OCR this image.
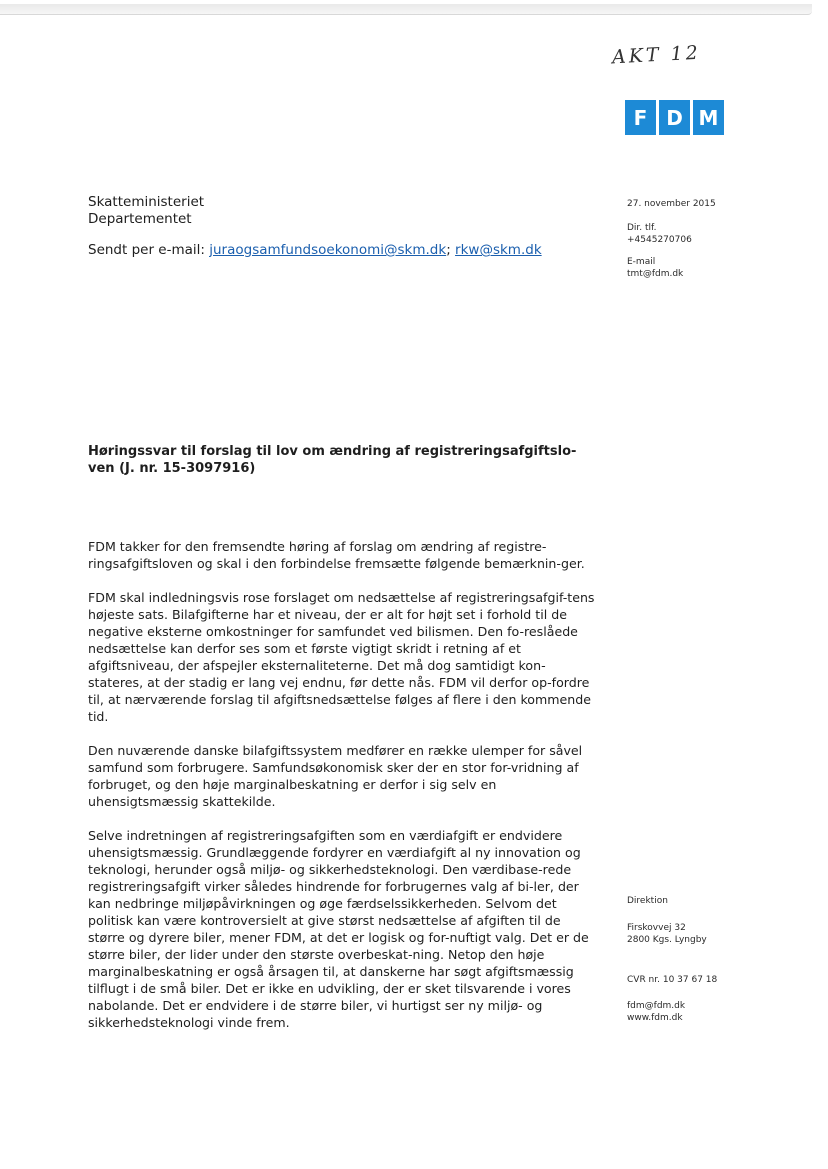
AKT 12
F D M
Skatteministeriet
Departementet
Sendt per e-mail: juraogsamfundsoekonomi@skm.dk; rkw@skm.dk
27. november 2015
Dir. tlf.
+4545270706
E-mail
tmt@fdm.dk
Høringssvar til forslag til lov om ændring af registreringsafgiftslo-ven (J. nr. 15-3097916)

FDM takker for den fremsendte høring af forslag om ændring af registre-ringsafgiftsloven og skal i den forbindelse fremsætte følgende bemærknin-ger.

FDM skal indledningsvis rose forslaget om nedsættelse af registreringsafgif-tens højeste sats. Bilafgifterne har et niveau, der er alt for højt set i forhold til de negative eksterne omkostninger for samfundet ved bilismen. Den fo-reslåede nedsættelse kan derfor ses som et første vigtigt skridt i retning af et afgiftsniveau, der afspejler eksternaliteterne. Det må dog samtidigt kon-stateres, at der stadig er lang vej endnu, før dette nås. FDM vil derfor op-fordre til, at nærværende forslag til afgiftsnedsættelse følges af flere i den kommende tid.

Den nuværende danske bilafgiftssystem medfører en række ulemper for såvel samfund som forbrugere. Samfundsøkonomisk sker der en stor for-vridning af forbruget, og den høje marginalbeskatning er derfor i sig selv en uhensigtsmæssig skattekilde.

Selve indretningen af registreringsafgiften som en værdiafgift er endvidere uhensigtsmæssig. Grundlæggende fordyrer en værdiafgift al ny innovation og teknologi, herunder også miljø- og sikkerhedsteknologi. Den værdibase-rede registreringsafgift virker således hindrende for forbrugernes valg af bi-ler, der kan nedbringe miljøpåvirkningen og øge færdselssikkerheden. Selvom det politisk kan være kontroversielt at give størst nedsættelse af afgiften til de større og dyrere biler, mener FDM, at det er logisk og for-nuftigt valg. Det er de større biler, der lider under den største overbeskat-ning. Netop den høje marginalbeskatning er også årsagen til, at danskerne har søgt afgiftsmæssig tilflugt i de små biler. Det er ikke en udvikling, der er sket tilsvarende i vores nabolande. Det er endvidere i de større biler, vi hurtigst ser ny miljø- og sikkerhedsteknologi vinde frem.

Direktion
Firskovvej 32
2800 Kgs. Lyngby
CVR nr. 10 37 67 18
fdm@fdm.dk
www.fdm.dk
